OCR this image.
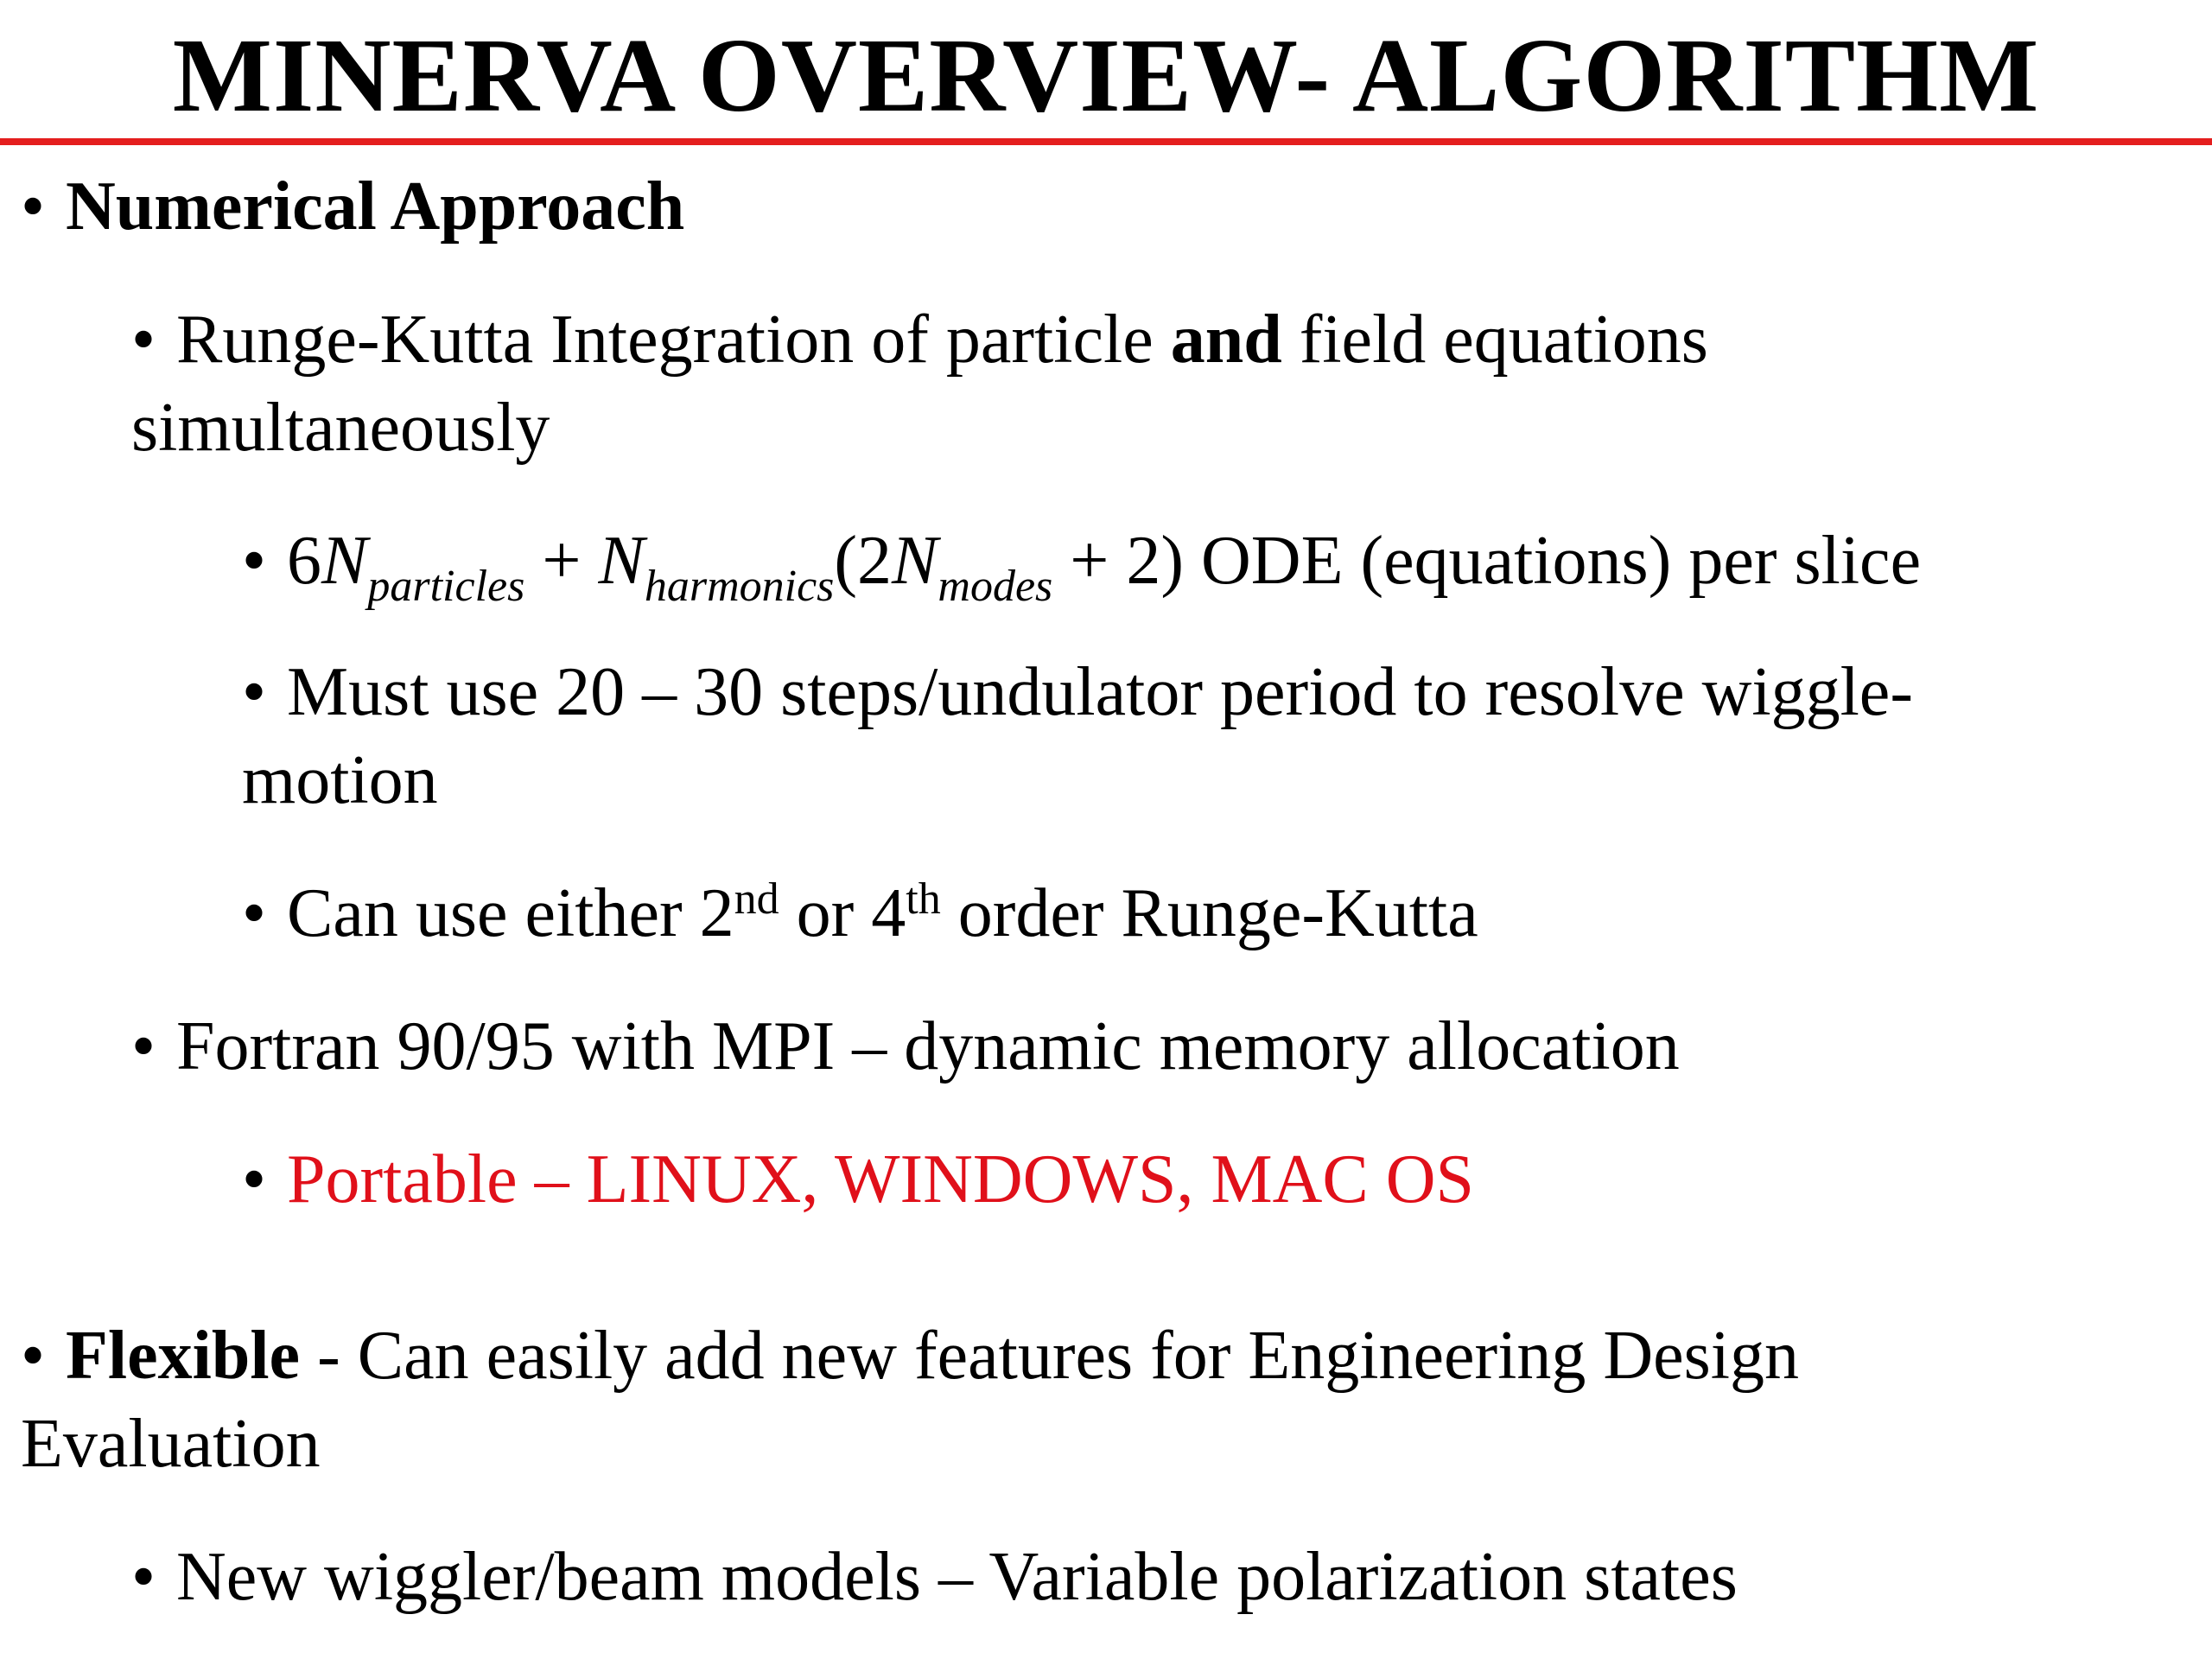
MINERVA OVERVIEW- ALGORITHM
• Numerical Approach
• Runge-Kutta Integration of particle and field equations
simultaneously
• $6N_{particles} + N_{harmonics}(2N_{modes} + 2)$ ODE (equations) per slice
• Must use 20 – 30 steps/undulator period to resolve wiggle-
motion
• Can use either 2nd or 4th order Runge-Kutta
• Fortran 90/95 with MPI – dynamic memory allocation
• Portable – LINUX, WINDOWS, MAC OS
• Flexible - Can easily add new features for Engineering Design
Evaluation
• New wiggler/beam models – Variable polarization states
